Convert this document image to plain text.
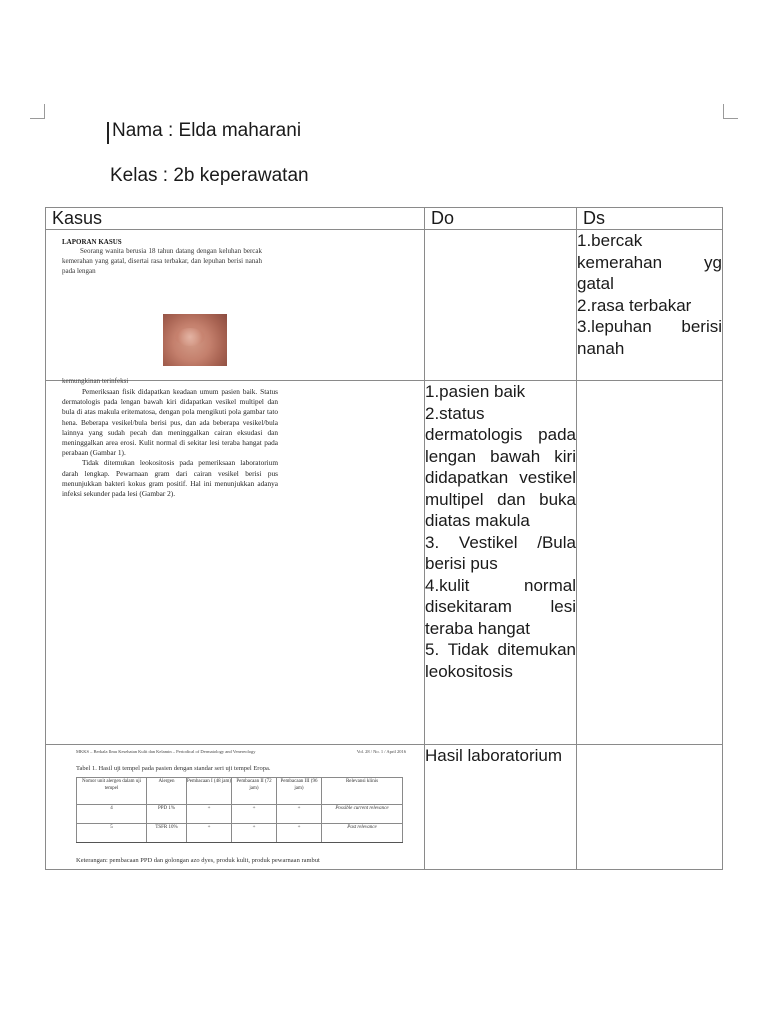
Nama : Elda maharani
Kelas : 2b keperawatan
Kasus	Do	Ds

LAPORAN KASUS
Seorang wanita berusia 18 tahun datang dengan keluhan bercak kemerahan yang gatal, disertai rasa terbakar, dan lepuhan berisi nanah pada lengan
		1.bercak kemerahan yg gatal
2.rasa terbakar
3.lepuhan berisi nanah

kemungkinan terinfeksi

Pemeriksaan fisik didapatkan keadaan umum pasien baik. Status dermatologis pada lengan bawah kiri didapatkan vesikel multipel dan bula di atas makula eritematosa, dengan pola mengikuti pola gambar tato hena. Beberapa vesikel/bula berisi pus, dan ada beberapa vesikel/bula lainnya yang sudah pecah dan meninggalkan cairan eksudasi dan meninggalkan area erosi. Kulit normal di sekitar lesi teraba hangat pada perabaan (Gambar 1).

Tidak ditemukan leokositosis pada pemeriksaan laboratorium darah lengkap. Pewarnaan gram dari cairan vesikel berisi pus menunjukkan bakteri kokus gram positif. Hal ini menunjukkan adanya infeksi sekunder pada lesi (Gambar 2).

	1.pasien baik
2.status dermatologis pada lengan bawah kiri didapatkan vestikel multipel dan buka diatas makula
3. Vestikel /Bula berisi pus
4.kulit normal disekitaram lesi teraba hangat
5. Tidak ditemukan leokositosis	

MKKS – Berkala Ilmu Kesehatan Kulit dan Kelamin – Periodical of Dermatology and Venereology	Vol. 28 / No. 1 / April 2016
Tabel 1. Hasil uji tempel pada pasien dengan standar seri uji tempel Eropa.
Nomor unit alergen dalam uji tempel	Alergen	Pembacaan I (48 jam)	Pembacaan II (72 jam)	Pembacaan III (96 jam)	Relevansi klinis
4	PPD 1%	+	+	+	Possible current relevance
5	TSFR 10%	+	+	+	Past relevance
Keterangan: pembacaan PPD dan golongan azo dyes, produk kulit, produk pewarnaan rambut
	Hasil laboratorium	
